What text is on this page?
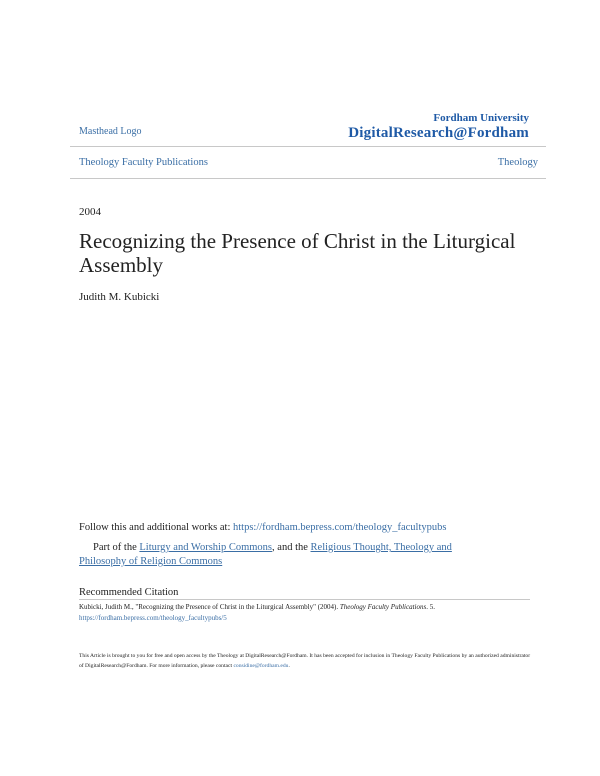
Masthead Logo
Fordham University
DigitalResearch@Fordham
Theology Faculty Publications	Theology
2004
Recognizing the Presence of Christ in the Liturgical Assembly
Judith M. Kubicki
Follow this and additional works at: https://fordham.bepress.com/theology_facultypubs
Part of the Liturgy and Worship Commons, and the Religious Thought, Theology and Philosophy of Religion Commons
Recommended Citation
Kubicki, Judith M., "Recognizing the Presence of Christ in the Liturgical Assembly" (2004). Theology Faculty Publications. 5.
https://fordham.bepress.com/theology_facultypubs/5
This Article is brought to you for free and open access by the Theology at DigitalResearch@Fordham. It has been accepted for inclusion in Theology Faculty Publications by an authorized administrator of DigitalResearch@Fordham. For more information, please contact considine@fordham.edu.
